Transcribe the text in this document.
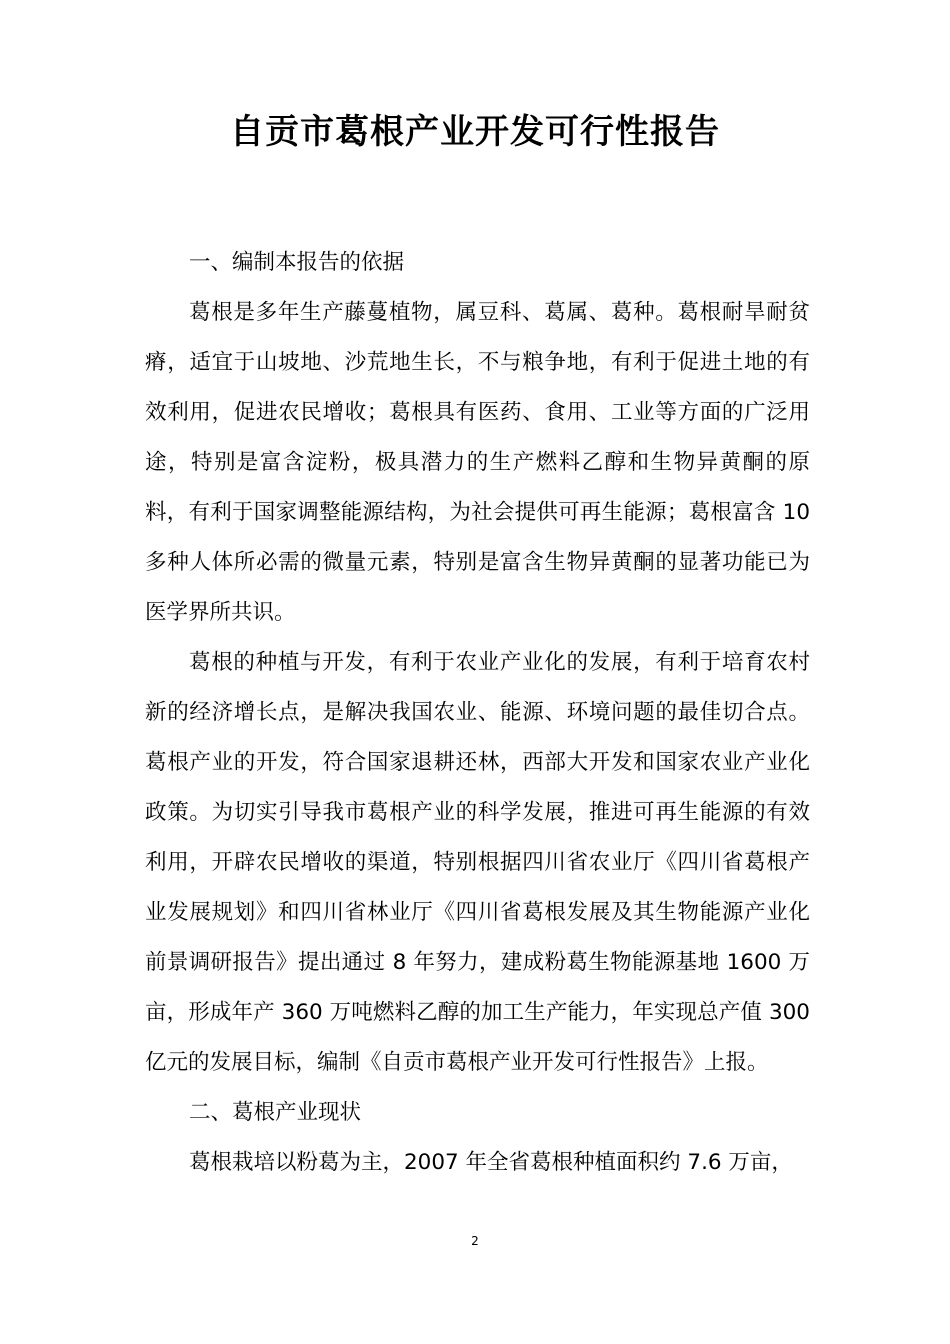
自贡市葛根产业开发可行性报告

一、编制本报告的依据

葛根是多年生产藤蔓植物，属豆科、葛属、葛种。葛根耐旱耐贫瘠，适宜于山坡地、沙荒地生长，不与粮争地，有利于促进土地的有效利用，促进农民增收；葛根具有医药、食用、工业等方面的广泛用途，特别是富含淀粉，极具潜力的生产燃料乙醇和生物异黄酮的原料，有利于国家调整能源结构，为社会提供可再生能源；葛根富含 10 多种人体所必需的微量元素，特别是富含生物异黄酮的显著功能已为医学界所共识。

葛根的种植与开发，有利于农业产业化的发展，有利于培育农村新的经济增长点，是解决我国农业、能源、环境问题的最佳切合点。葛根产业的开发，符合国家退耕还林，西部大开发和国家农业产业化政策。为切实引导我市葛根产业的科学发展，推进可再生能源的有效利用，开辟农民增收的渠道，特别根据四川省农业厅《四川省葛根产业发展规划》和四川省林业厅《四川省葛根发展及其生物能源产业化前景调研报告》提出通过 8 年努力，建成粉葛生物能源基地 1600 万亩，形成年产 360 万吨燃料乙醇的加工生产能力，年实现总产值 300 亿元的发展目标，编制《自贡市葛根产业开发可行性报告》上报。

二、葛根产业现状

葛根栽培以粉葛为主，2007 年全省葛根种植面积约 7.6 万亩，

2
